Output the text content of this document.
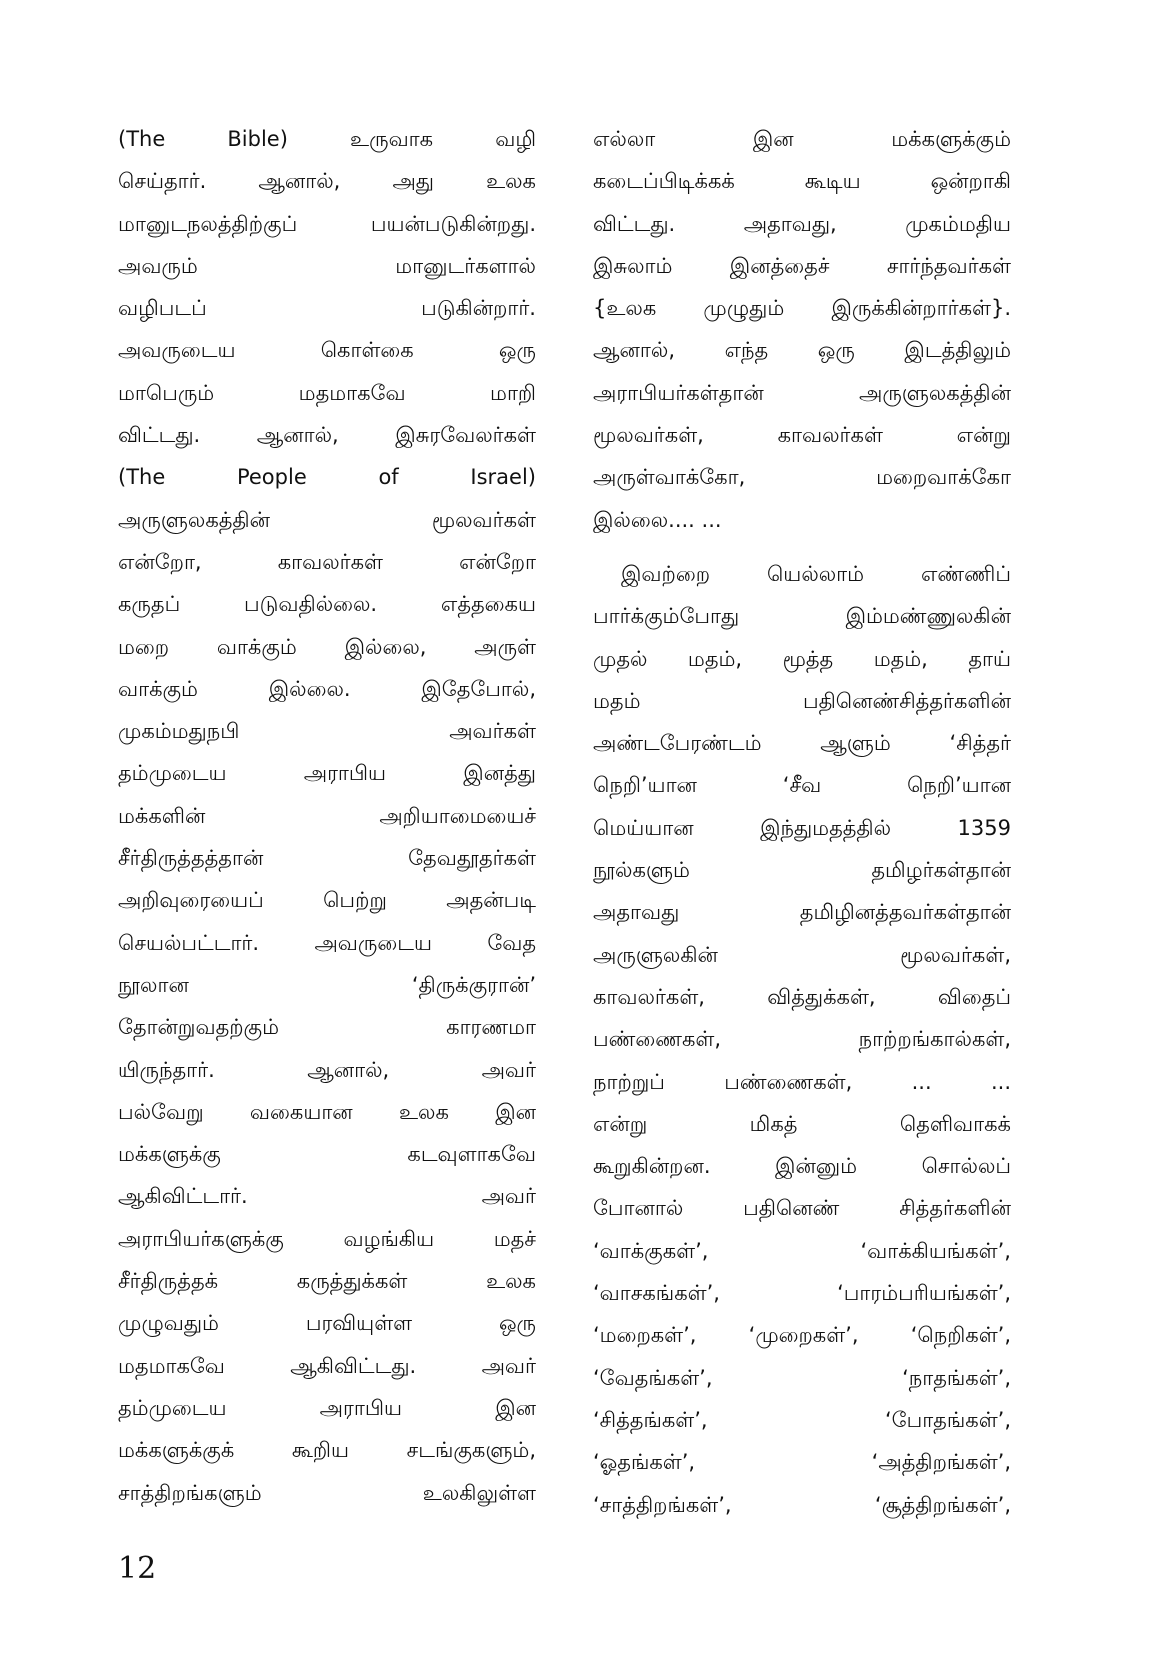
(The Bible) உருவாக வழி
செய்தார். ஆனால், அது உலக
மானுடநலத்திற்குப் பயன்படுகின்றது.
அவரும் மானுடர்களால்
வழிபடப் படுகின்றார்.
அவருடைய கொள்கை ஒரு
மாபெரும் மதமாகவே மாறி
விட்டது. ஆனால், இசுரவேலர்கள்
(The People of Israel)
அருளுலகத்தின் மூலவர்கள்
என்றோ, காவலர்கள் என்றோ
கருதப் படுவதில்லை. எத்தகைய
மறை வாக்கும் இல்லை, அருள்
வாக்கும் இல்லை. இதேபோல்,
முகம்மதுநபி அவர்கள்
தம்முடைய அராபிய இனத்து
மக்களின் அறியாமையைச்
சீர்திருத்தத்தான் தேவதூதர்கள்
அறிவுரையைப் பெற்று அதன்படி
செயல்பட்டார். அவருடைய வேத
நூலான ‘திருக்குரான்’
தோன்றுவதற்கும் காரணமா
யிருந்தார். ஆனால், அவர்
பல்வேறு வகையான உலக இன
மக்களுக்கு கடவுளாகவே
ஆகிவிட்டார். அவர்
அராபியர்களுக்கு வழங்கிய மதச்
சீர்திருத்தக் கருத்துக்கள் உலக
முழுவதும் பரவியுள்ள ஒரு
மதமாகவே ஆகிவிட்டது. அவர்
தம்முடைய அராபிய இன
மக்களுக்குக் கூறிய சடங்குகளும்,
சாத்திறங்களும் உலகிலுள்ள
எல்லா இன மக்களுக்கும்
கடைப்பிடிக்கக் கூடிய ஒன்றாகி
விட்டது. அதாவது, முகம்மதிய
இசுலாம் இனத்தைச் சார்ந்தவர்கள்
{உலக முழுதும் இருக்கின்றார்கள்}.
ஆனால், எந்த ஒரு இடத்திலும்
அராபியர்கள்தான் அருளுலகத்தின்
மூலவர்கள், காவலர்கள் என்று
அருள்வாக்கோ, மறைவாக்கோ
இல்லை.... ...
இவற்றை யெல்லாம் எண்ணிப்
பார்க்கும்போது இம்மண்ணுலகின்
முதல் மதம், மூத்த மதம், தாய்
மதம் பதினெண்சித்தர்களின்
அண்டபேரண்டம் ஆளும் ‘சித்தர்
நெறி’யான ‘சீவ நெறி’யான
மெய்யான இந்துமதத்தில் 1359
நூல்களும் தமிழர்கள்தான்
அதாவது தமிழினத்தவர்கள்தான்
அருளுலகின் மூலவர்கள்,
காவலர்கள், வித்துக்கள், விதைப்
பண்ணைகள், நாற்றங்கால்கள்,
நாற்றுப் பண்ணைகள், ... ...
என்று மிகத் தெளிவாகக்
கூறுகின்றன. இன்னும் சொல்லப்
போனால் பதினெண் சித்தர்களின்
‘வாக்குகள்’, ‘வாக்கியங்கள்’,
‘வாசகங்கள்’, ‘பாரம்பரியங்கள்’,
‘மறைகள்’, ‘முறைகள்’, ‘நெறிகள்’,
‘வேதங்கள்’, ‘நாதங்கள்’,
‘சித்தங்கள்’, ‘போதங்கள்’,
‘ஓதங்கள்’, ‘அத்திறங்கள்’,
‘சாத்திறங்கள்’, ‘சூத்திறங்கள்’,
12
